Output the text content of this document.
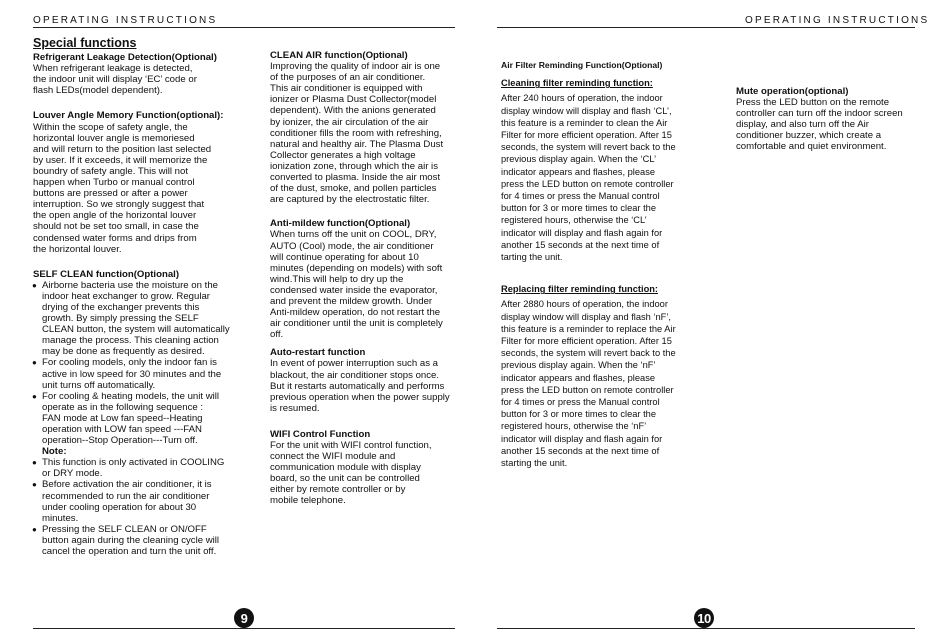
OPERATING INSTRUCTIONS	OPERATING INSTRUCTIONS

Special functions

Refrigerant Leakage Detection(Optional)

When refrigerant leakage is detected,
the indoor unit will display ‘EC’ code or
flash LEDs(model dependent).

Louver Angle Memory Function(optional):

Within the scope of safety angle, the
horizontal louver angle is memoriesed
and will return to the position last selected
by user. If it exceeds, it will memorize the
boundry of safety angle. This will not
happen when Turbo or manual control
buttons are pressed or after a power
interruption. So we strongly suggest that
the open angle of the horizontal louver
should not be set too small, in case the
condensed water forms and drips from
the horizontal louver.

SELF CLEAN function(Optional)

● Airborne bacteria use the moisture on the
indoor heat exchanger to grow. Regular
drying of the exchanger prevents this
growth. By simply pressing the SELF
CLEAN button, the system will automatically
manage the process. This cleaning action
may be done as frequently as desired.
● For cooling models, only the indoor fan is
active in low speed for 30 minutes and the
unit turns off automatically.
● For cooling & heating models, the unit will
operate as in the following sequence :
FAN mode at Low fan speed--Heating
operation with LOW fan speed ---FAN
operation--Stop Operation---Turn off.

Note:

● This function is only activated in COOLING
or DRY mode.
● Before activation the air conditioner, it is
recommended to run the air conditioner
under cooling operation for about 30
minutes.
● Pressing the SELF CLEAN or ON/OFF
button again during the cleaning cycle will
cancel the operation and turn the unit off.

CLEAN AIR function(Optional)

Improving the quality of indoor air is one
of the purposes of an air conditioner.
This air conditioner is equipped with
ionizer or Plasma Dust Collector(model
dependent). With the anions generated
by ionizer, the air circulation of the air
conditioner fills the room with refreshing,
natural and healthy air. The Plasma Dust
Collector generates a high voltage
ionization zone, through which the air is
converted to plasma. Inside the air most
of the dust, smoke, and pollen particles
are captured by the electrostatic filter.

Anti-mildew function(Optional)

When turns off the unit on COOL, DRY,
AUTO (Cool) mode, the air conditioner
will continue operating for about 10
minutes (depending on models) with soft
wind.This will help to dry up the
condensed water inside the evaporator,
and prevent the mildew growth. Under
Anti-mildew operation, do not restart the
air conditioner until the unit is completely
off.

Auto-restart function

In event of power interruption such as a
blackout, the air conditioner stops once.
But it restarts automatically and performs
previous operation when the power supply
is resumed.

WIFI Control Function

For the unit with WIFI control function,
connect the WIFI module and
communication module with display
board, so the unit can be controlled
either by remote controller or by
mobile telephone.

Air Filter Reminding Function(Optional)

Cleaning filter reminding function:

After 240 hours of operation, the indoor
display window will display and flash ‘CL’,
this feature is a reminder to clean the Air
Filter for more efficient operation. After 15
seconds, the system will revert back to the
previous display again. When the ‘CL’
indicator appears and flashes, please
press the LED button on remote controller
for 4 times or press the Manual control
button for 3 or more times to clear the
registered hours, otherwise the ‘CL’
indicator will display and flash again for
another 15 seconds at the next time of
tarting the unit.

Replacing filter reminding function:

After 2880 hours of operation, the indoor
display window will display and flash ‘nF’,
this feature is a reminder to replace the Air
Filter for more efficient operation. After 15
seconds, the system will revert back to the
previous display again. When the ‘nF’
indicator appears and flashes, please
press the LED button on remote controller
for 4 times or press the Manual control
button for 3 or more times to clear the
registered hours, otherwise the ‘nF’
indicator will display and flash again for
another 15 seconds at the next time of
starting the unit.

Mute operation(optional)

Press the LED button on the remote
controller can turn off the indoor screen
display, and also turn off the Air
conditioner buzzer, which create a
comfortable and quiet environment.
9	10
